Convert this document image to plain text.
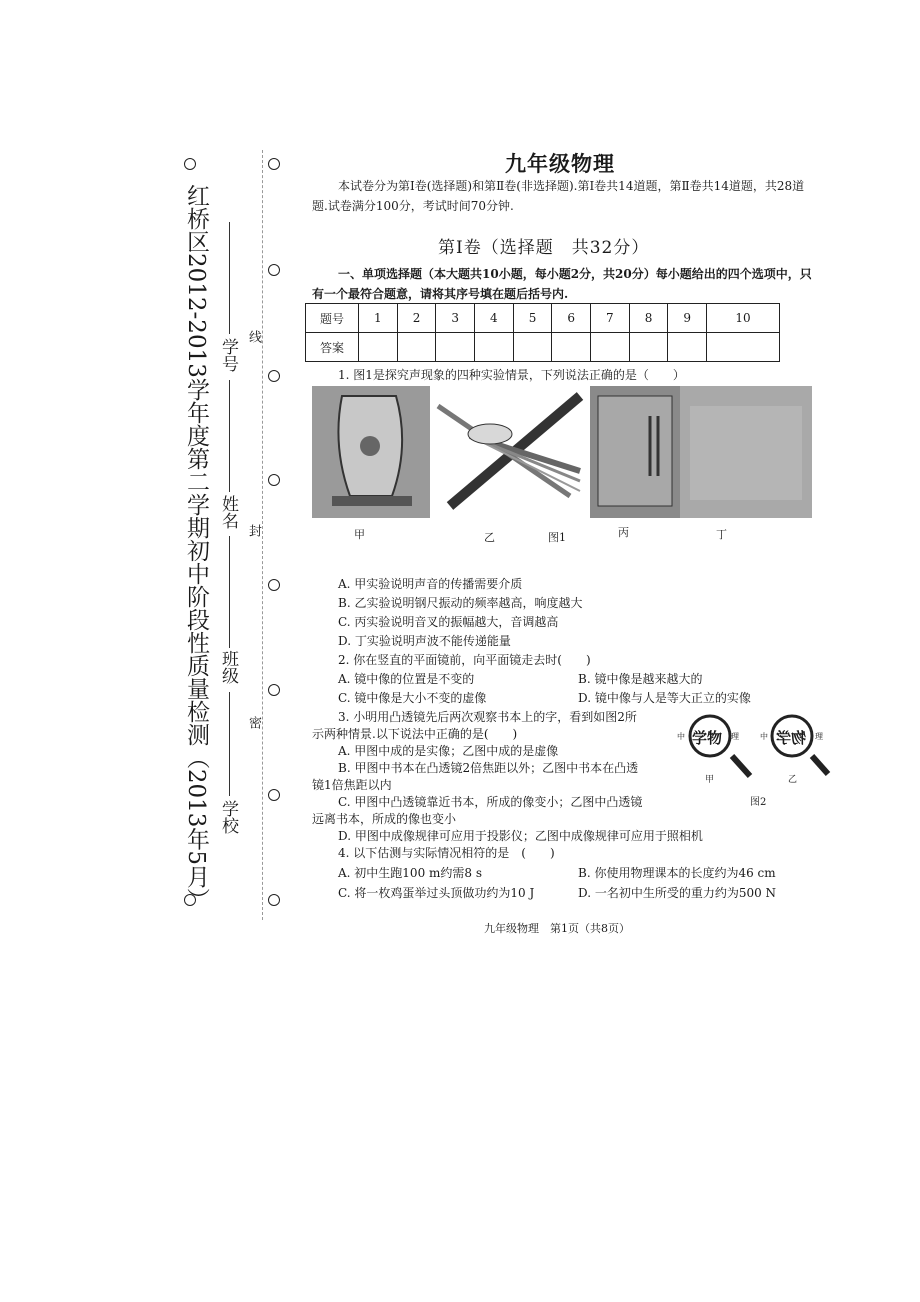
红桥区2012-2013学年度第二学期初中阶段性质量检测（2013年5月） 学号
姓名
班级
学校
线
封
密
九年级物理
本试卷分为第Ⅰ卷(选择题)和第Ⅱ卷(非选择题).第Ⅰ卷共14道题，第Ⅱ卷共14道题，共28道题.试卷满分100分，考试时间70分钟.
第Ⅰ卷（选择题　共32分）
一、单项选择题（本大题共10小题，每小题2分，共20分）每小题给出的四个选项中，只有一个最符合题意，请将其序号填在题后括号内.
题号	1	2	3	4	5	6	7	8	9	10
答案										
1. 图1是探究声现象的四种实验情景，下列说法正确的是（　　）
甲	乙	图1	丙	丁
A. 甲实验说明声音的传播需要介质
B. 乙实验说明钢尺振动的频率越高，响度越大
C. 丙实验说明音叉的振幅越大，音调越高
D. 丁实验说明声波不能传递能量
2. 你在竖直的平面镜前，向平面镜走去时(　　)
A. 镜中像的位置是不变的	B. 镜中像是越来越大的
C. 镜中像是大小不变的虚像	D. 镜中像与人是等大正立的实像
3. 小明用凸透镜先后两次观察书本上的字，看到如图2所
示两种情景.以下说法中正确的是(　　)
A. 甲图中成的是实像；乙图中成的是虚像
B. 甲图中书本在凸透镜2倍焦距以外；乙图中书本在凸透
镜1倍焦距以内
C. 甲图中凸透镜靠近书本，所成的像变小；乙图中凸透镜
远离书本，所成的像也变小
D. 甲图中成像规律可应用于投影仪；乙图中成像规律可应用于照相机
中 学物 理	中 物学 理
甲	乙
图2
4. 以下估测与实际情况相符的是　(　　)
A. 初中生跑100 m约需8 s	B. 你使用物理课本的长度约为46 cm
C. 将一枚鸡蛋举过头顶做功约为10 J	D. 一名初中生所受的重力约为500 N
九年级物理　第1页（共8页）
